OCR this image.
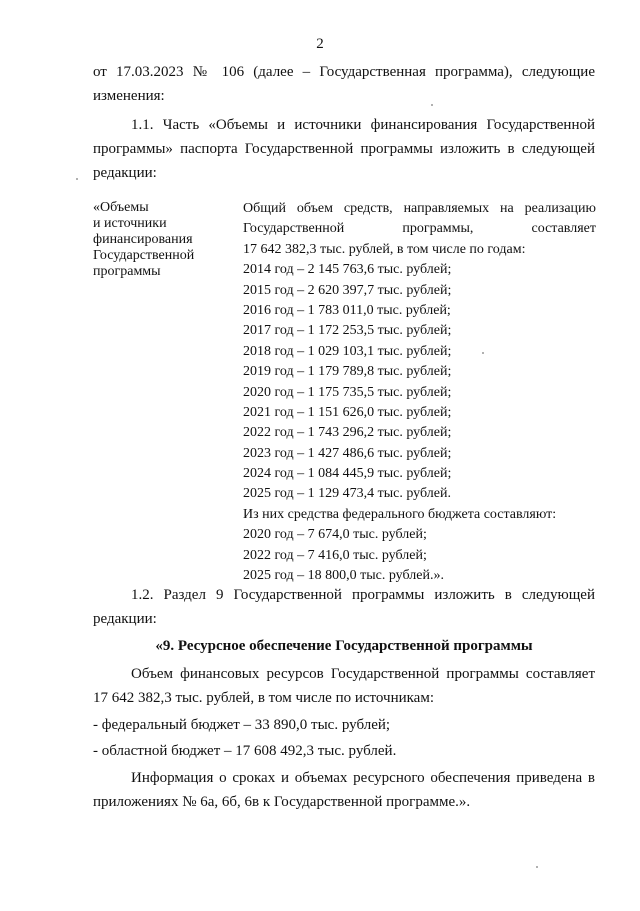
2
от 17.03.2023 № 106 (далее – Государственная программа), следующие
изменения:
1.1. Часть «Объемы и источники финансирования Государственной
программы» паспорта Государственной программы изложить в следующей
редакции:
«Объемы
и источники
финансирования
Государственной
программы
Общий объем средств, направляемых на реализацию
Государственной программы, составляет
17 642 382,3 тыс. рублей, в том числе по годам:
2014 год – 2 145 763,6 тыс. рублей;
2015 год – 2 620 397,7 тыс. рублей;
2016 год – 1 783 011,0 тыс. рублей;
2017 год – 1 172 253,5 тыс. рублей;
2018 год – 1 029 103,1 тыс. рублей;
2019 год – 1 179 789,8 тыс. рублей;
2020 год – 1 175 735,5 тыс. рублей;
2021 год – 1 151 626,0 тыс. рублей;
2022 год – 1 743 296,2 тыс. рублей;
2023 год – 1 427 486,6 тыс. рублей;
2024 год – 1 084 445,9 тыс. рублей;
2025 год – 1 129 473,4 тыс. рублей.
Из них средства федерального бюджета составляют:
2020 год – 7 674,0 тыс. рублей;
2022 год – 7 416,0 тыс. рублей;
2025 год – 18 800,0 тыс. рублей.».
1.2. Раздел 9 Государственной программы изложить в следующей
редакции:
«9. Ресурсное обеспечение Государственной программы
Объем финансовых ресурсов Государственной программы составляет
17 642 382,3 тыс. рублей, в том числе по источникам:
- федеральный бюджет – 33 890,0 тыс. рублей;
- областной бюджет – 17 608 492,3 тыс. рублей.
Информация о сроках и объемах ресурсного обеспечения приведена в
приложениях № 6а, 6б, 6в к Государственной программе.».
